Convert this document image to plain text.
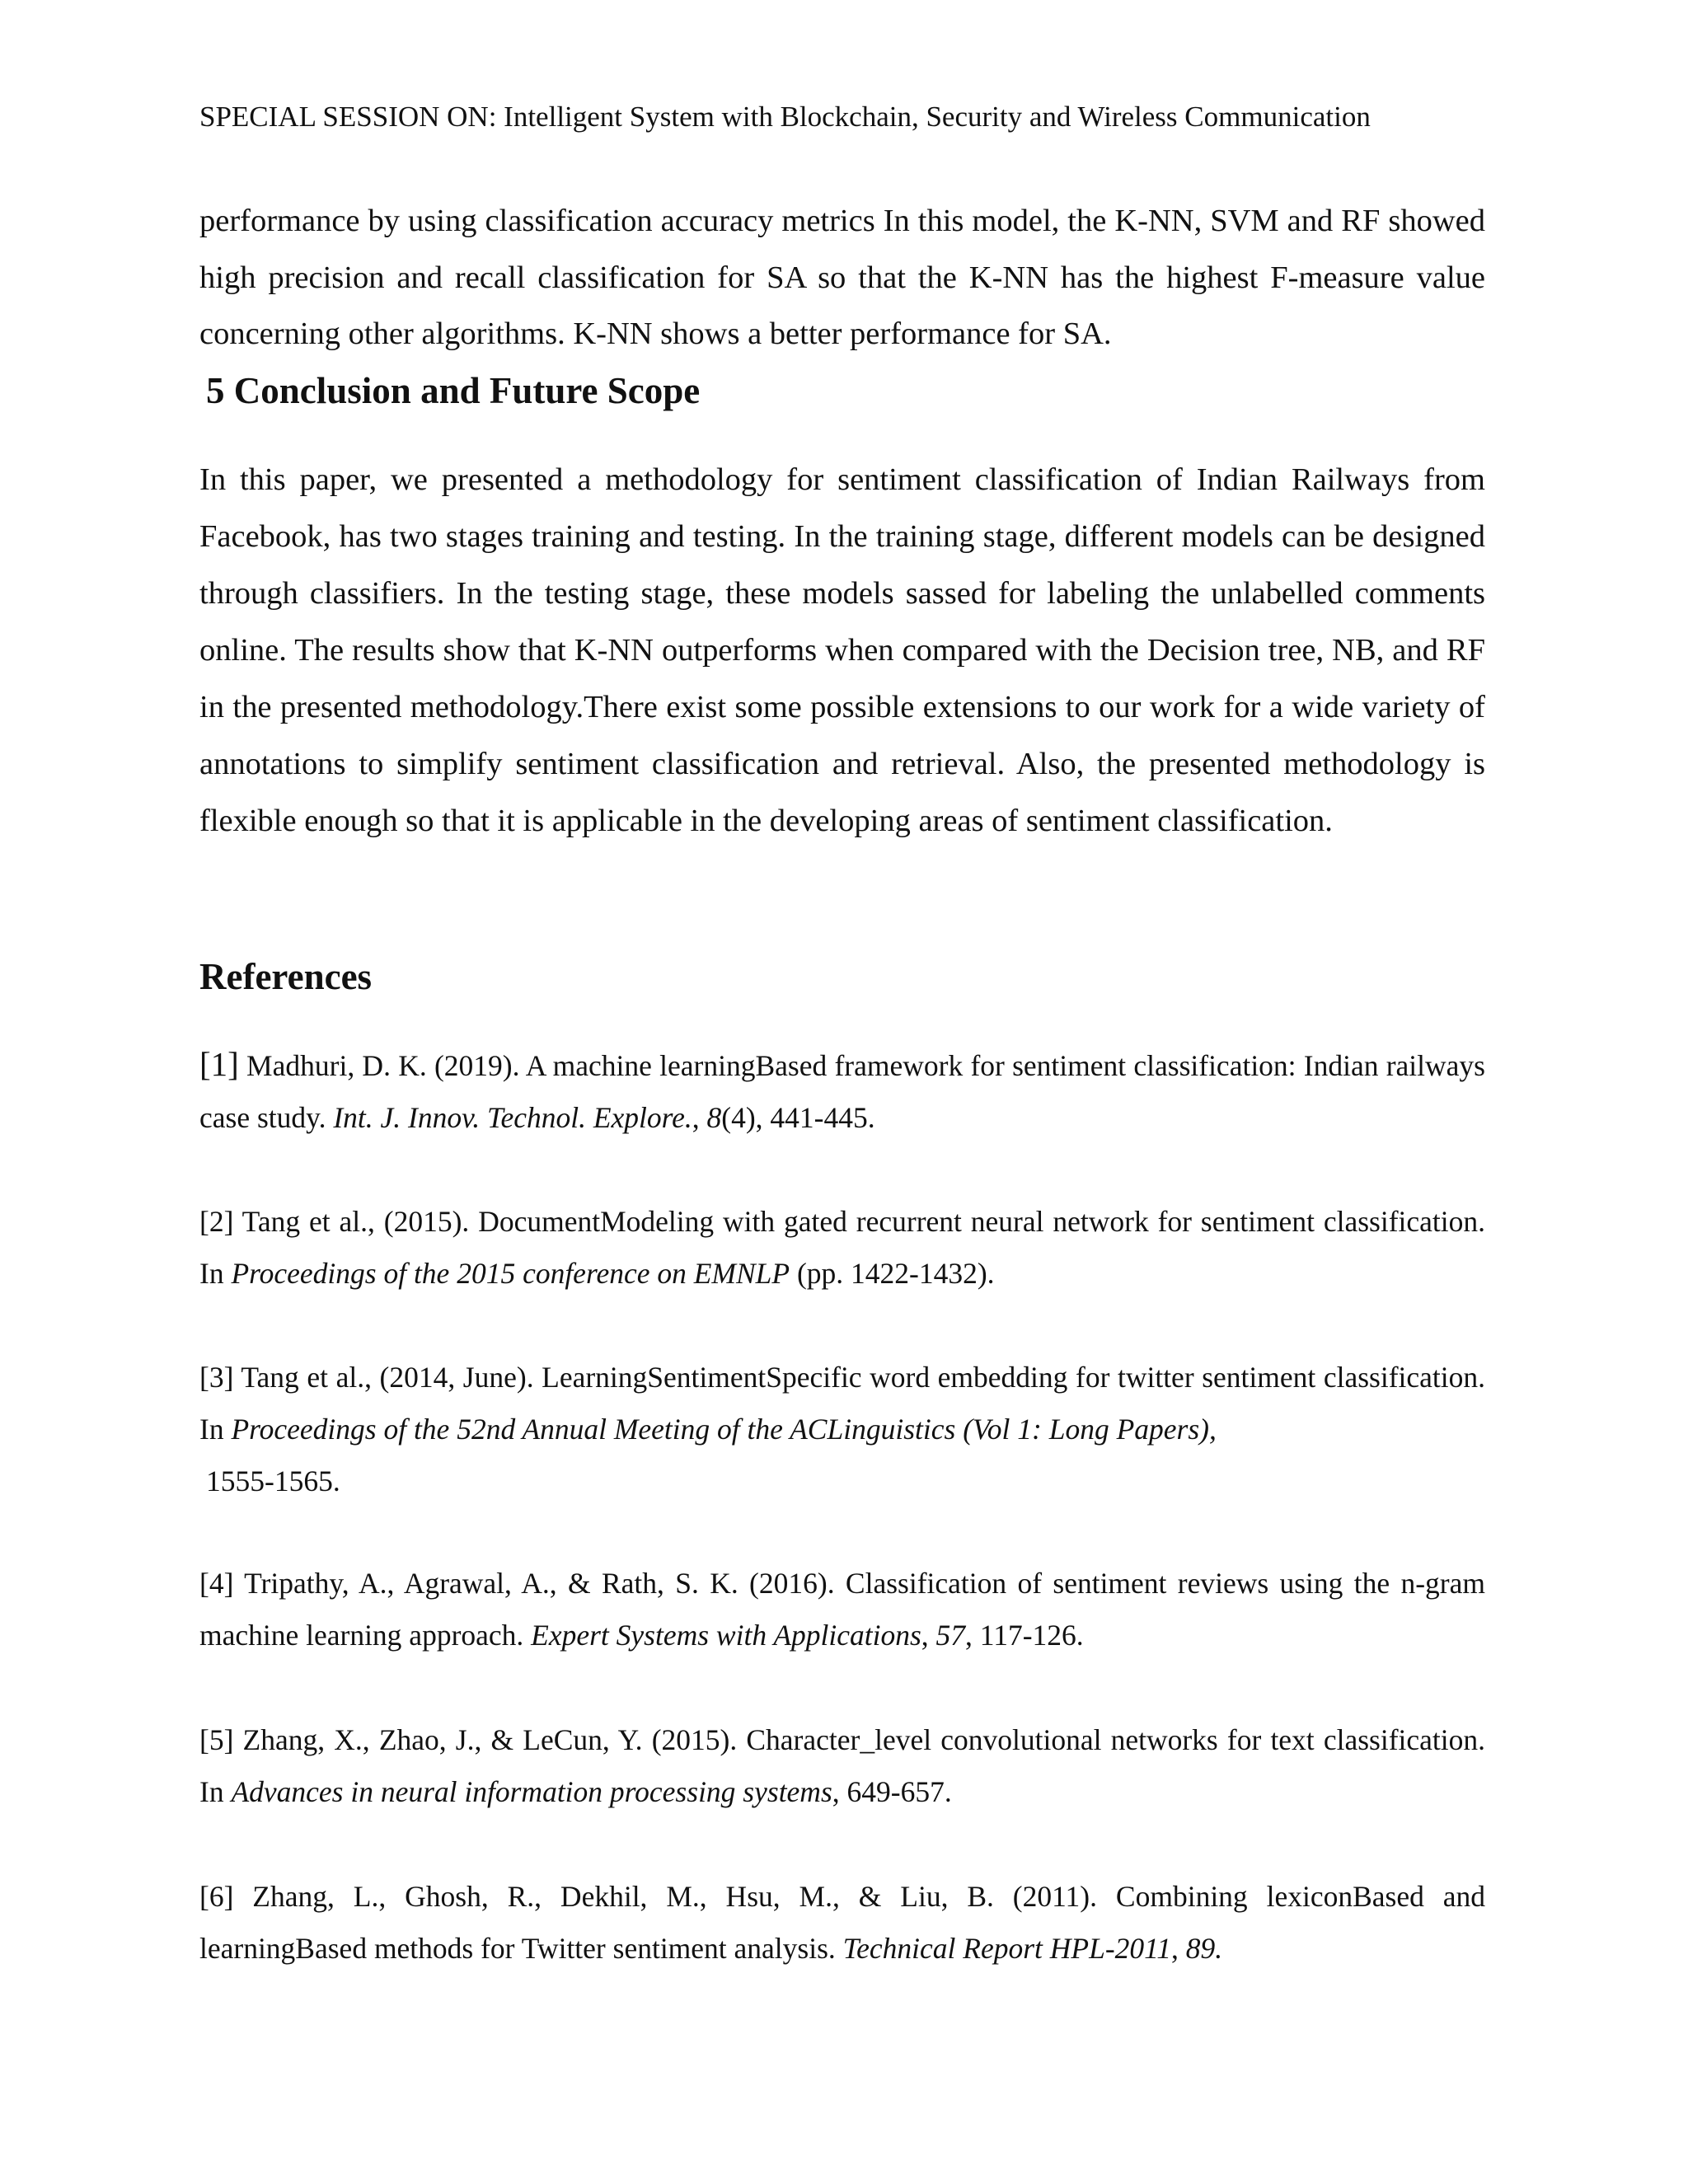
SPECIAL SESSION ON: Intelligent System with Blockchain, Security and Wireless Communication

performance by using classification accuracy metrics In this model, the K-NN, SVM and RF showed high precision and recall classification for SA so that the K-NN has the highest F-measure value concerning other algorithms. K-NN shows a better performance for SA.

5 Conclusion and Future Scope

In this paper, we presented a methodology for sentiment classification of Indian Railways from Facebook, has two stages training and testing. In the training stage, different models can be designed through classifiers. In the testing stage, these models sassed for labeling the unlabelled comments online. The results show that K-NN outperforms when compared with the Decision tree, NB, and RF in the presented methodology.There exist some possible extensions to our work for a wide variety of annotations to simplify sentiment classification and retrieval. Also, the presented methodology is flexible enough so that it is applicable in the developing areas of sentiment classification.

References

[1] Madhuri, D. K. (2019). A machine learningBased framework for sentiment classification: Indian railways case study. Int. J. Innov. Technol. Explore., 8(4), 441-445.

[2] Tang et al., (2015). DocumentModeling with gated recurrent neural network for sentiment classification. In Proceedings of the 2015 conference on EMNLP (pp. 1422-1432).

[3] Tang et al., (2014, June). LearningSentimentSpecific word embedding for twitter sentiment classification. In Proceedings of the 52nd Annual Meeting of the ACLinguistics (Vol 1: Long Papers),
1555-1565.

[4] Tripathy, A., Agrawal, A., & Rath, S. K. (2016). Classification of sentiment reviews using the n-gram machine learning approach. Expert Systems with Applications, 57, 117-126.

[5] Zhang, X., Zhao, J., & LeCun, Y. (2015). Character_level convolutional networks for text classification. In Advances in neural information processing systems, 649-657.

[6] Zhang, L., Ghosh, R., Dekhil, M., Hsu, M., & Liu, B. (2011). Combining lexiconBased and learningBased methods for Twitter sentiment analysis. Technical Report HPL-2011, 89.
